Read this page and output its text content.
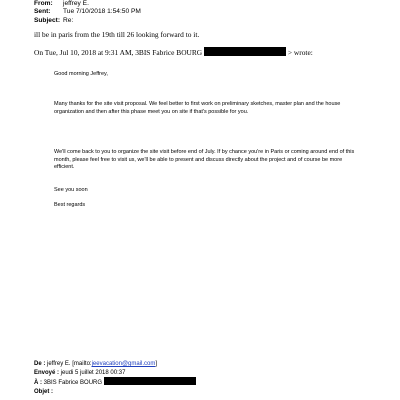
From:	jeffrey E.
Sent:	Tue 7/10/2018 1:54:50 PM
Subject: Re:
ill be in paris from the 19th till 26 looking forward to it.
On Tue, Jul 10, 2018 at 9:31 AM, 3BIS Fabrice BOURG	> wrote:
Good morning Jeffrey,
Many thanks for the site visit proposal. We feel better to first work on preliminary sketches, master plan and the house organization and then after this phase meet you on site if that's possible for you.
We'll come back to you to organize the site visit before end of July. If by chance you're in Paris or coming around end of this month, please feel free to visit us, we'll be able to present and discuss directly about the project and of course be more efficient.
See you soon
Best regards
De : jeffrey E. [mailto:jeevacation@gmail.com]
Envoyé : jeudi 5 juillet 2018 00:37
À : 3BIS Fabrice BOURG
Objet :
